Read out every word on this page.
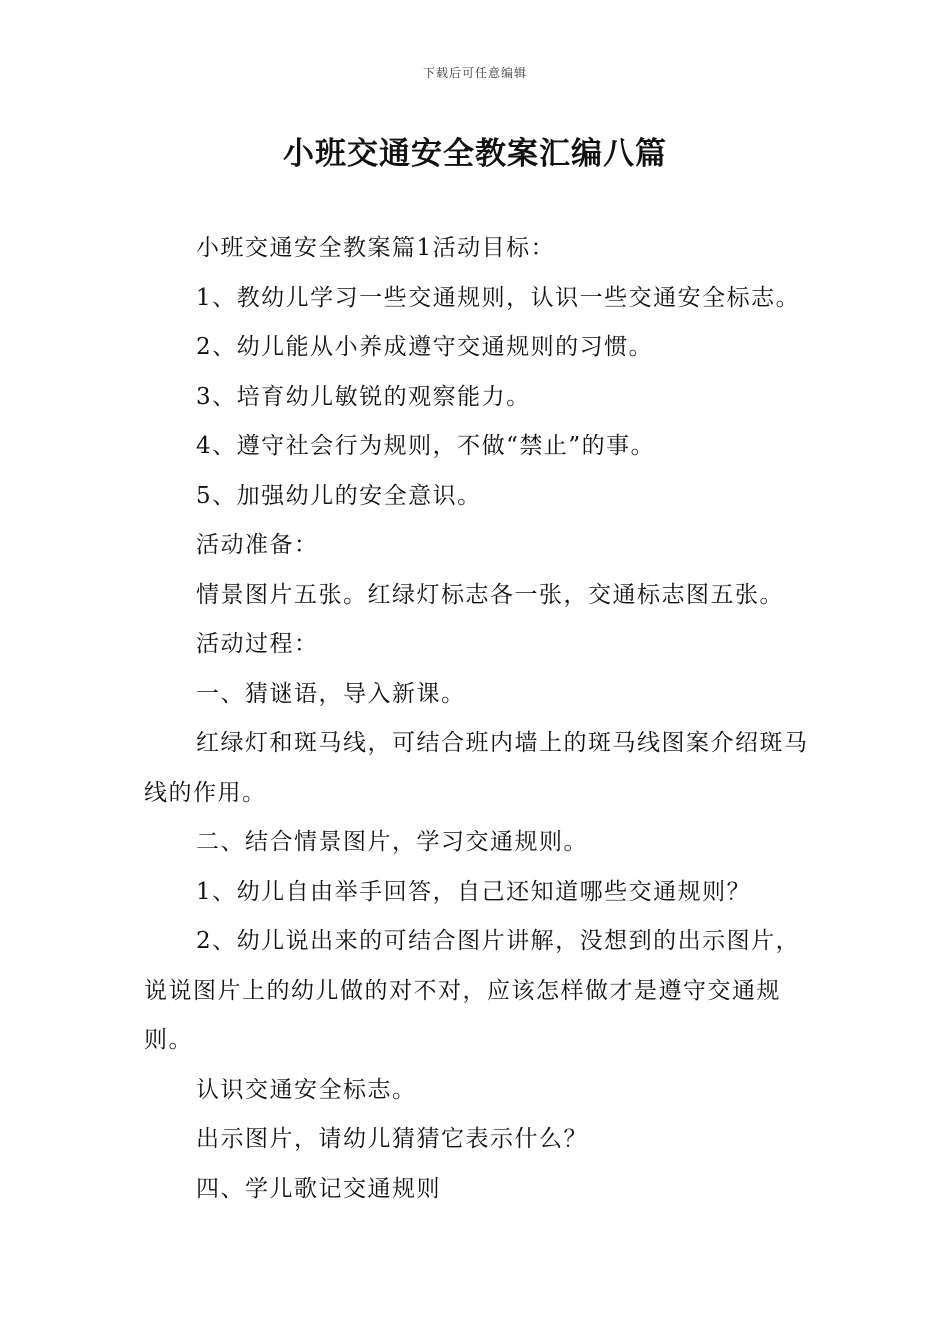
下载后可任意编辑
小班交通安全教案汇编八篇

小班交通安全教案篇1活动目标：

1、教幼儿学习一些交通规则，认识一些交通安全标志。

2、幼儿能从小养成遵守交通规则的习惯。

3、培育幼儿敏锐的观察能力。

4、遵守社会行为规则，不做“禁止”的事。

5、加强幼儿的安全意识。

活动准备：

情景图片五张。红绿灯标志各一张，交通标志图五张。

活动过程：

一、猜谜语，导入新课。

红绿灯和斑马线，可结合班内墙上的斑马线图案介绍斑马线的作用。

二、结合情景图片，学习交通规则。

1、幼儿自由举手回答，自己还知道哪些交通规则？

2、幼儿说出来的可结合图片讲解，没想到的出示图片，说说图片上的幼儿做的对不对，应该怎样做才是遵守交通规则。

认识交通安全标志。

出示图片，请幼儿猜猜它表示什么？

四、学儿歌记交通规则
